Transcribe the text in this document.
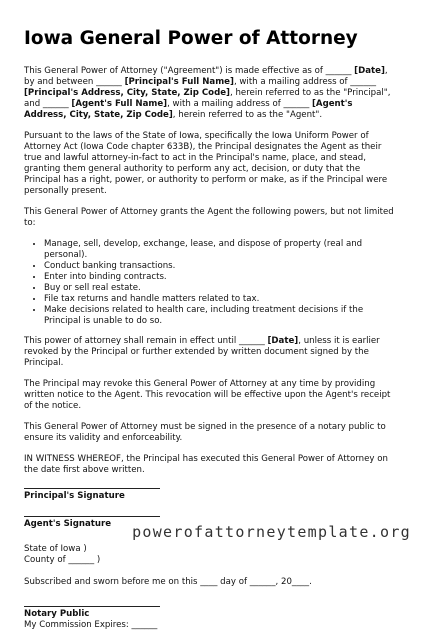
Iowa General Power of Attorney

This General Power of Attorney ("Agreement") is made effective as of ______ [Date], by and between ______ [Principal's Full Name], with a mailing address of ______ [Principal's Address, City, State, Zip Code], herein referred to as the "Principal", and ______ [Agent's Full Name], with a mailing address of ______ [Agent's Address, City, State, Zip Code], herein referred to as the "Agent".

Pursuant to the laws of the State of Iowa, specifically the Iowa Uniform Power of Attorney Act (Iowa Code chapter 633B), the Principal designates the Agent as their true and lawful attorney-in-fact to act in the Principal's name, place, and stead, granting them general authority to perform any act, decision, or duty that the Principal has a right, power, or authority to perform or make, as if the Principal were personally present.

This General Power of Attorney grants the Agent the following powers, but not limited to:

• Manage, sell, develop, exchange, lease, and dispose of property (real and personal).
• Conduct banking transactions.
• Enter into binding contracts.
• Buy or sell real estate.
• File tax returns and handle matters related to tax.
• Make decisions related to health care, including treatment decisions if the Principal is unable to do so.

This power of attorney shall remain in effect until ______ [Date], unless it is earlier revoked by the Principal or further extended by written document signed by the Principal.

The Principal may revoke this General Power of Attorney at any time by providing written notice to the Agent. This revocation will be effective upon the Agent's receipt of the notice.

This General Power of Attorney must be signed in the presence of a notary public to ensure its validity and enforceability.

IN WITNESS WHEREOF, the Principal has executed this General Power of Attorney on the date first above written.

Principal's Signature
Agent's Signature
State of Iowa )
County of ______ )
Subscribed and sworn before me on this ____ day of ______, 20____.
Notary Public
My Commission Expires: ______
powerofattorneytemplate.org
